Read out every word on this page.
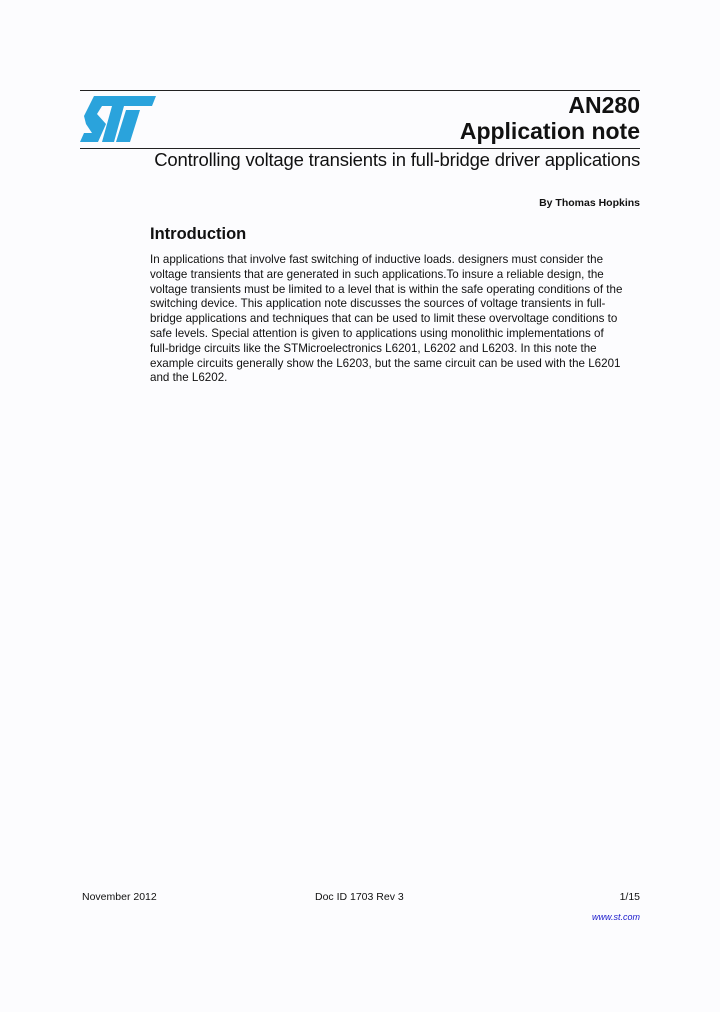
AN280
Application note
Controlling voltage transients in full-bridge driver applications
By Thomas Hopkins
Introduction
In applications that involve fast switching of inductive loads. designers must consider the
voltage transients that are generated in such applications.To insure a reliable design, the
voltage transients must be limited to a level that is within the safe operating conditions of the
switching device. This application note discusses the sources of voltage transients in full-
bridge applications and techniques that can be used to limit these overvoltage conditions to
safe levels. Special attention is given to applications using monolithic implementations of
full-bridge circuits like the STMicroelectronics L6201, L6202 and L6203. In this note the
example circuits generally show the L6203, but the same circuit can be used with the L6201
and the L6202.
November 2012	Doc ID 1703 Rev 3	1/15
www.st.com
